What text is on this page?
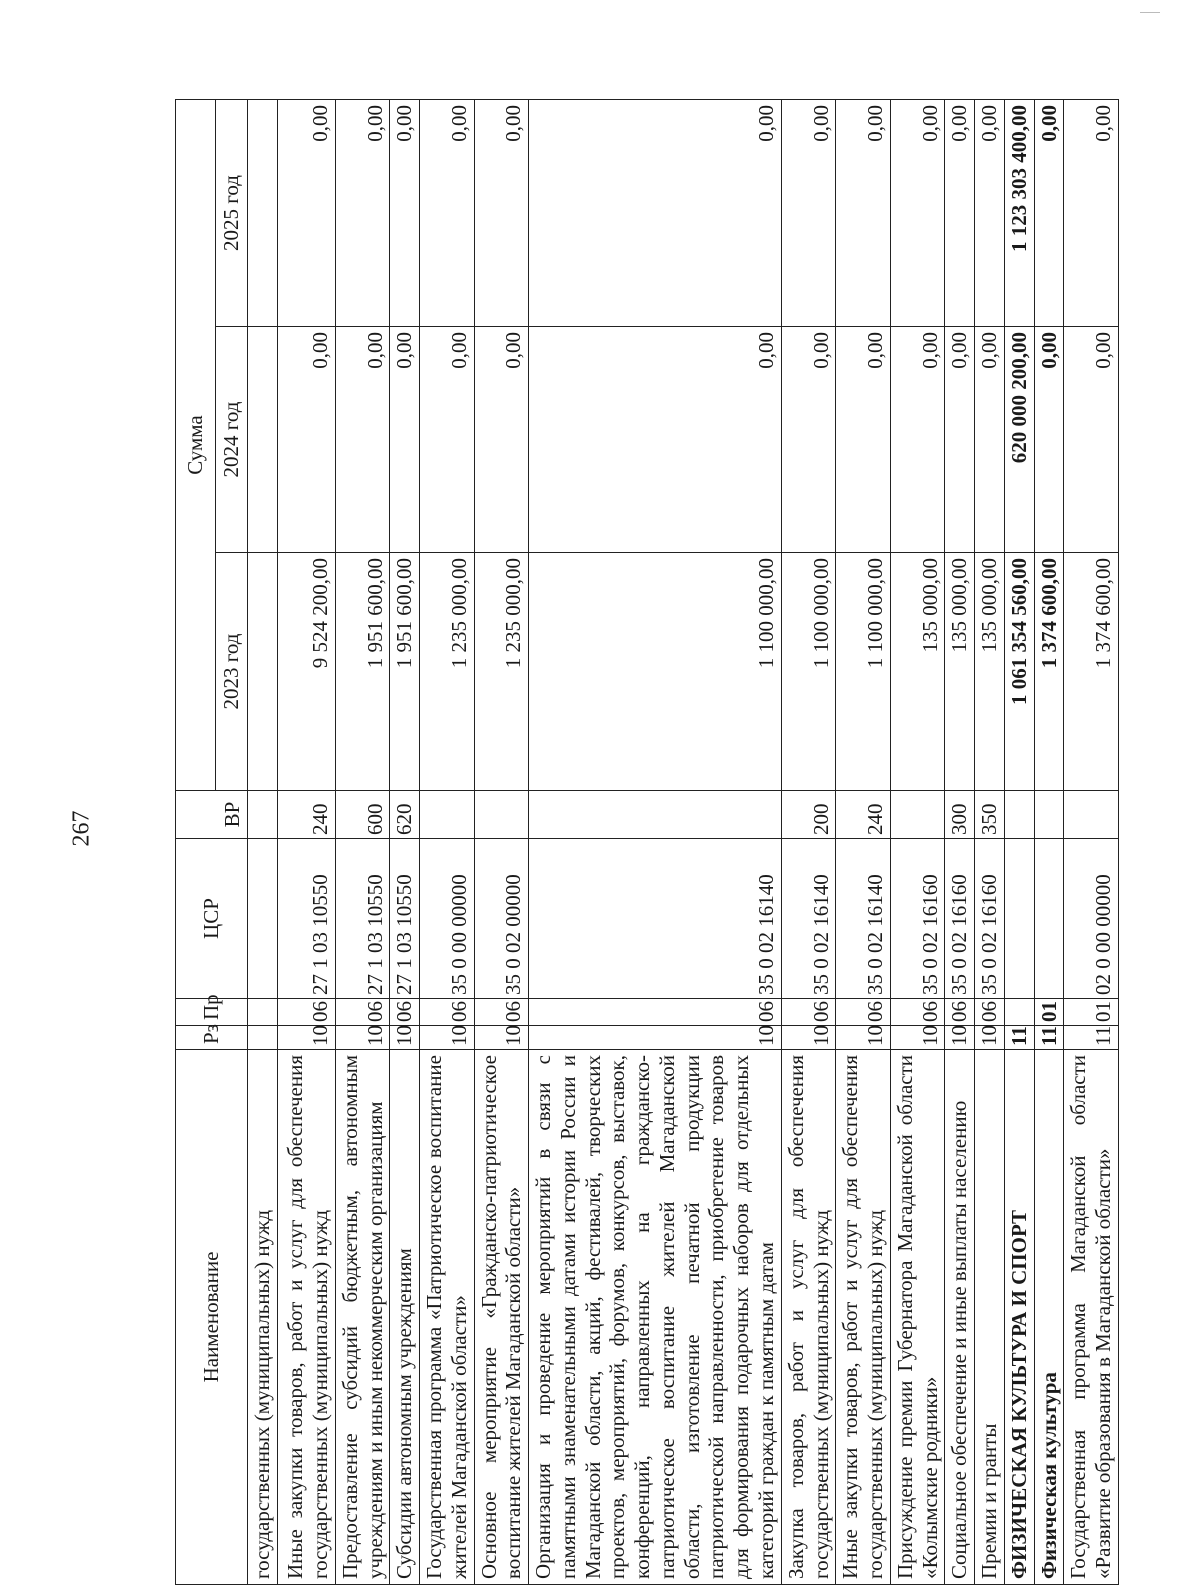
267
Наименование	Рз	Пр	ЦСР	ВР	Сумма		
					2023 год	2024 год	2025 год
государственных (муниципальных) нужд							
Иные закупки товаров, работ и услуг для обеспечения государственных (муниципальных) нужд	10	06	27 1 03 10550	240	9 524 200,00	0,00	0,00
Предоставление субсидий бюджетным, автономным учреждениям и иным некоммерческим организациям	10	06	27 1 03 10550	600	1 951 600,00	0,00	0,00
Субсидии автономным учреждениям	10	06	27 1 03 10550	620	1 951 600,00	0,00	0,00
Государственная программа «Патриотическое воспитание жителей Магаданской области»	10	06	35 0 00 00000		1 235 000,00	0,00	0,00
Основное мероприятие «Гражданско-патриотическое воспитание жителей Магаданской области»	10	06	35 0 02 00000		1 235 000,00	0,00	0,00
Организация и проведение мероприятий в связи с памятными знаменательными датами истории России и Магаданской области, акций, фестивалей, творческих проектов, мероприятий, форумов, конкурсов, выставок, конференций, направленных на гражданско-патриотическое воспитание жителей Магаданской области, изготовление печатной продукции патриотической направленности, приобретение товаров для формирования подарочных наборов для отдельных категорий граждан к памятным датам	10	06	35 0 02 16140		1 100 000,00	0,00	0,00
Закупка товаров, работ и услуг для обеспечения государственных (муниципальных) нужд	10	06	35 0 02 16140	200	1 100 000,00	0,00	0,00
Иные закупки товаров, работ и услуг для обеспечения государственных (муниципальных) нужд	10	06	35 0 02 16140	240	1 100 000,00	0,00	0,00
Присуждение премии Губернатора Магаданской области «Колымские родники»	10	06	35 0 02 16160		135 000,00	0,00	0,00
Социальное обеспечение и иные выплаты населению	10	06	35 0 02 16160	300	135 000,00	0,00	0,00
Премии и гранты	10	06	35 0 02 16160	350	135 000,00	0,00	0,00
ФИЗИЧЕСКАЯ КУЛЬТУРА И СПОРТ	11				1 061 354 560,00	620 000 200,00	1 123 303 400,00
Физическая культура	11	01			1 374 600,00	0,00	0,00
Государственная программа Магаданской области «Развитие образования в Магаданской области»	11	01	02 0 00 00000		1 374 600,00	0,00	0,00
